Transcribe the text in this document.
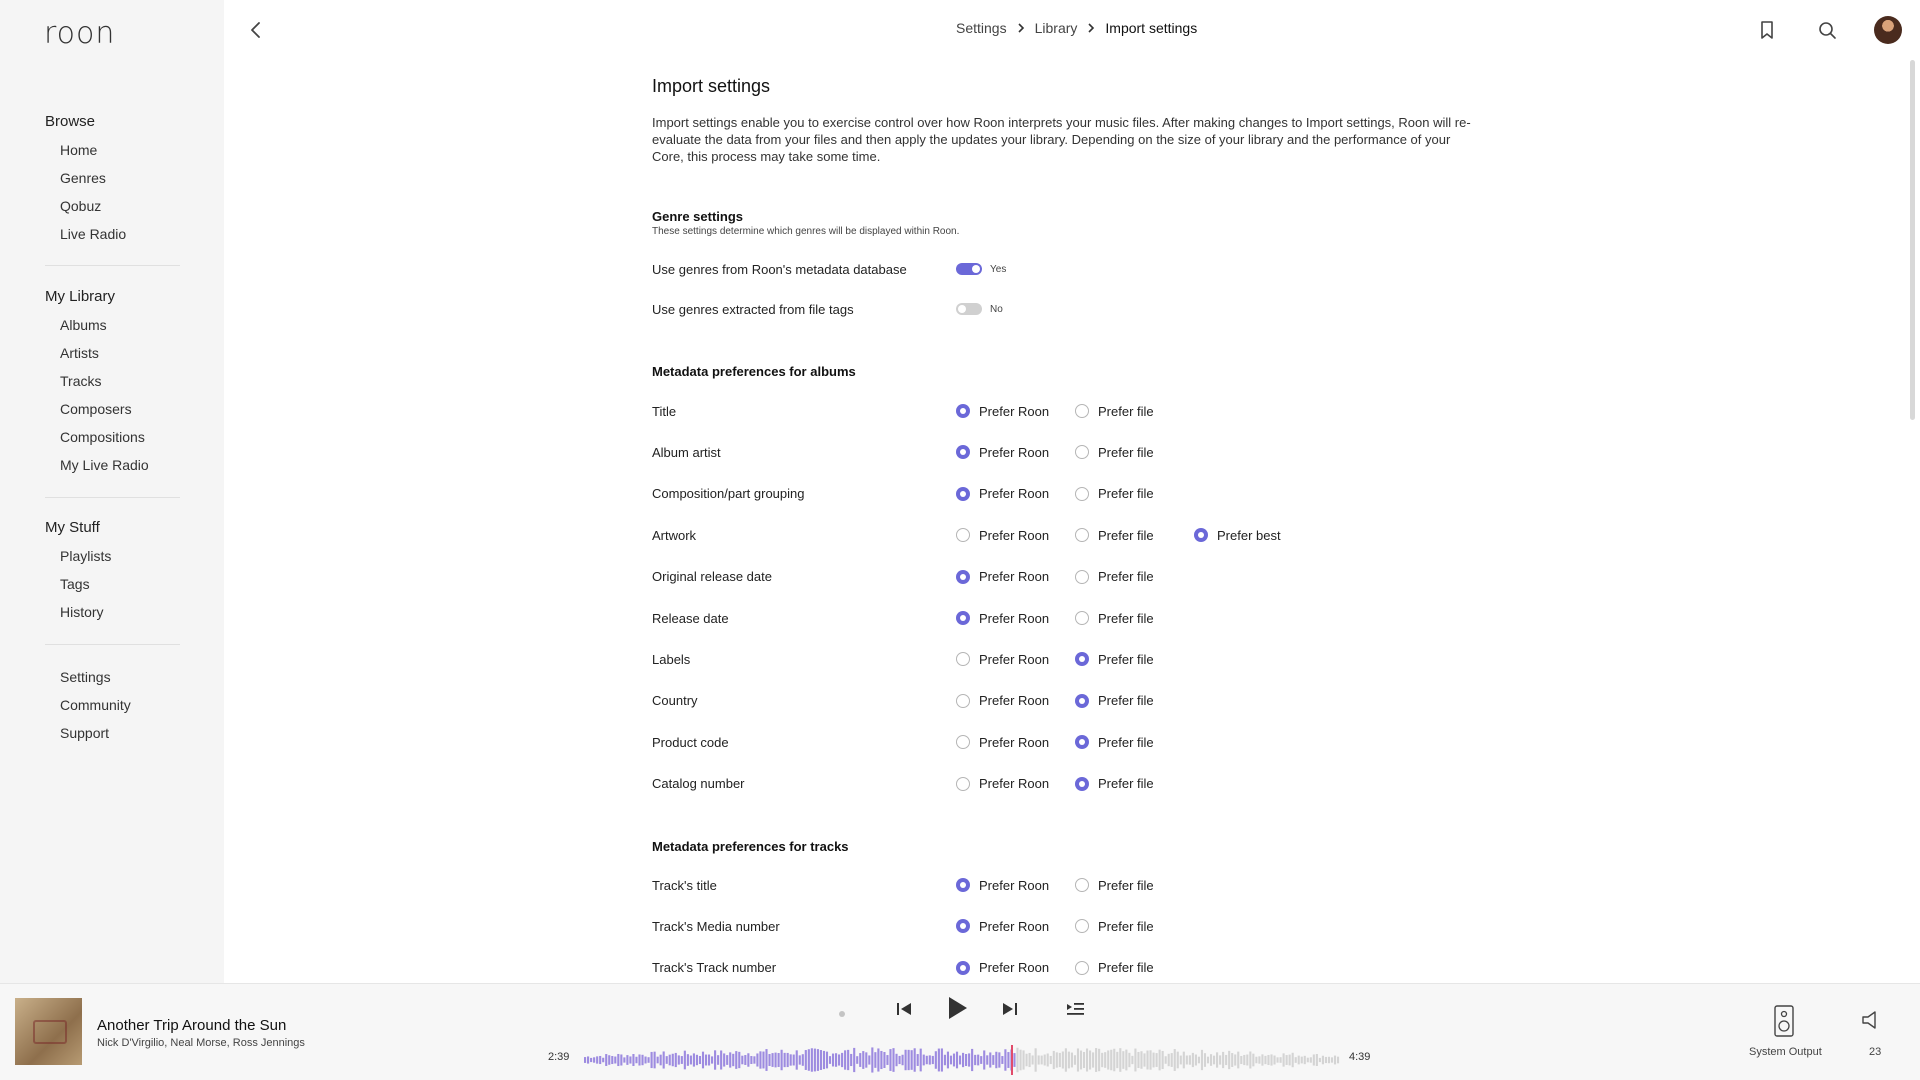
roon
Browse
Home
Genres
Qobuz
Live Radio
My Library
Albums
Artists
Tracks
Composers
Compositions
My Live Radio
My Stuff
Playlists
Tags
History
Settings
Community
Support
Settings Library Import settings
Import settings
Import settings enable you to exercise control over how Roon interprets your music files. After making changes to Import settings, Roon will re-evaluate the data from your files and then apply the updates your library. Depending on the size of your library and the performance of your Core, this process may take some time.
Genre settings
These settings determine which genres will be displayed within Roon.
Use genres from Roon's metadata database	Yes
Use genres extracted from file tags	No
Metadata preferences for albums
Title	Prefer Roon	Prefer file
Album artist	Prefer Roon	Prefer file
Composition/part grouping	Prefer Roon	Prefer file
Artwork	Prefer Roon	Prefer file	Prefer best
Original release date	Prefer Roon	Prefer file
Release date	Prefer Roon	Prefer file
Labels	Prefer Roon	Prefer file
Country	Prefer Roon	Prefer file
Product code	Prefer Roon	Prefer file
Catalog number	Prefer Roon	Prefer file
Metadata preferences for tracks
Track's title	Prefer Roon	Prefer file
Track's Media number	Prefer Roon	Prefer file
Track's Track number	Prefer Roon	Prefer file
Another Trip Around the Sun
Nick D'Virgilio, Neal Morse, Ross Jennings
2:39	4:39	System Output	23
